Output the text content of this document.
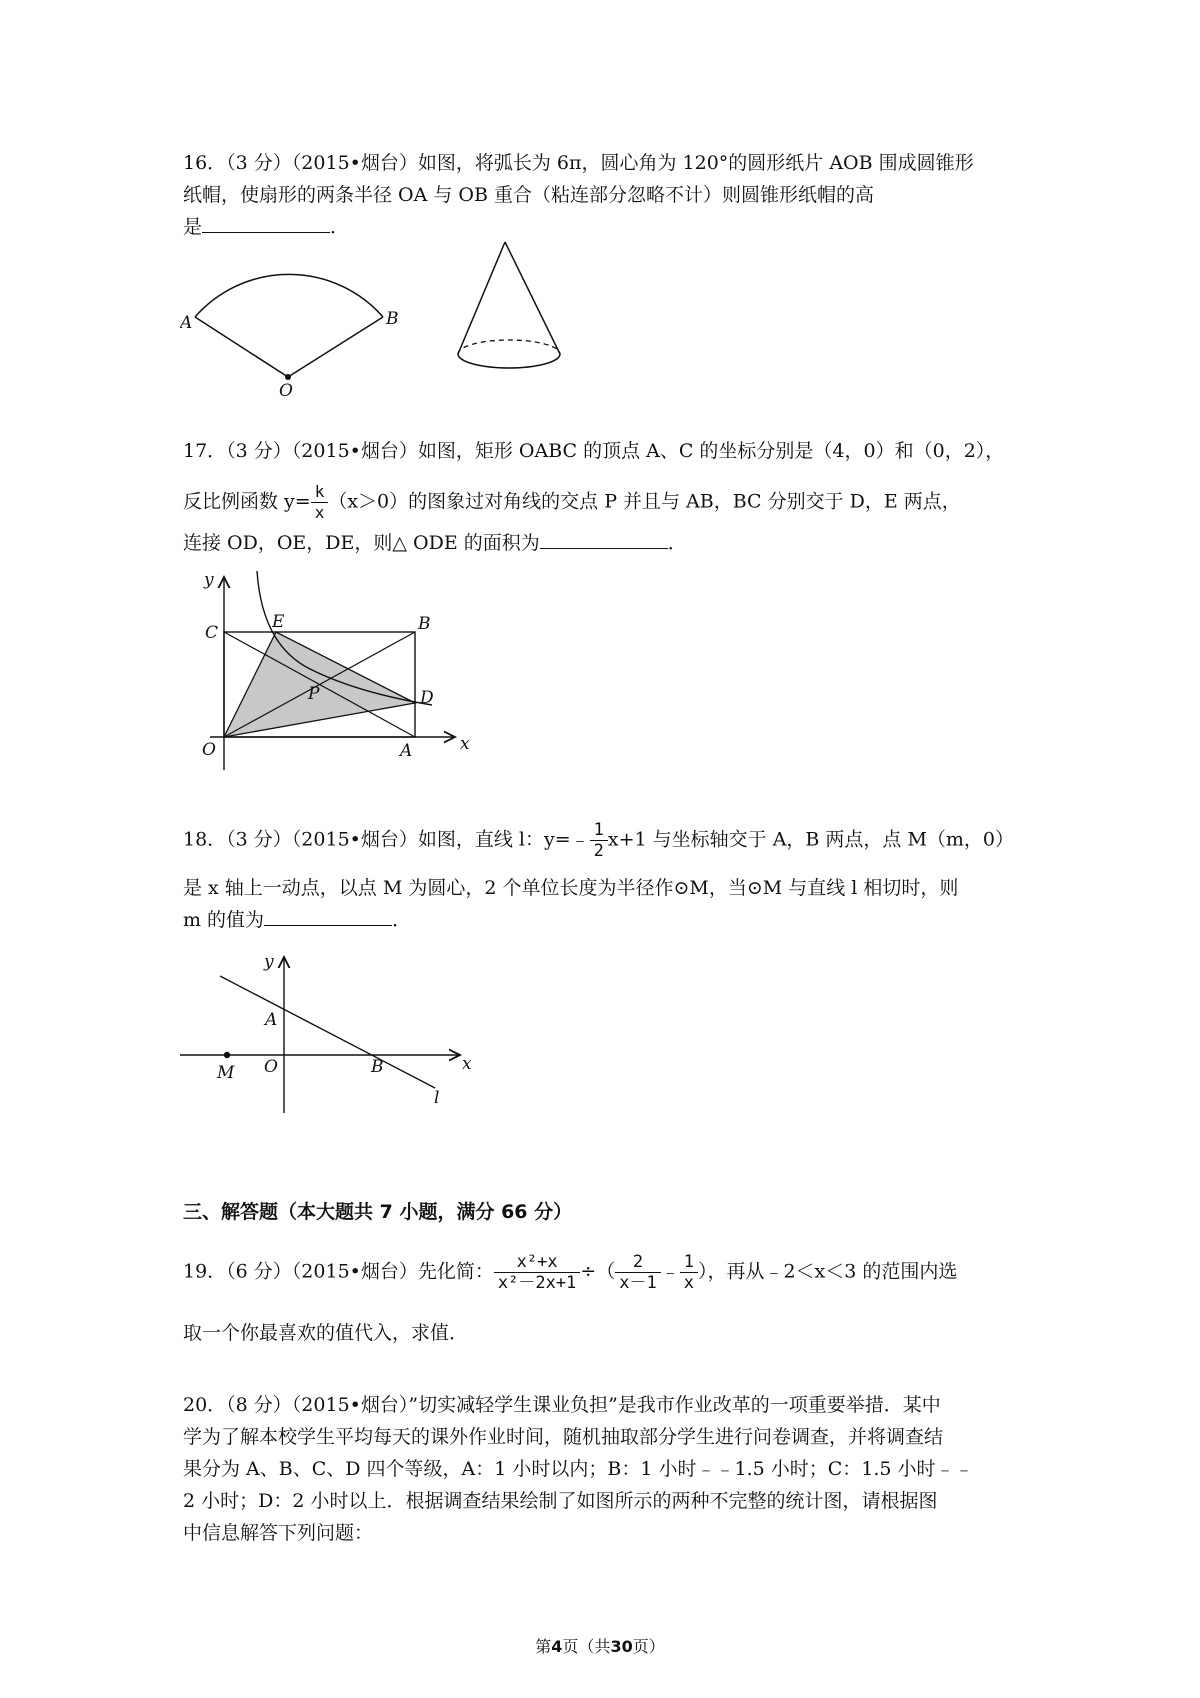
16．（3 分）（2015•烟台）如图，将弧长为 6π，圆心角为 120°的圆形纸片 AOB 围成圆锥形
纸帽，使扇形的两条半径 OA 与 OB 重合（粘连部分忽略不计）则圆锥形纸帽的高
是	．
A	B
O
17．（3 分）（2015•烟台）如图，矩形 OABC 的顶点 A、C 的坐标分别是（4，0）和（0，2），
反比例函数 $y= \frac{k}{x} (x>0)$的图象过对角线的交点 P 并且与 AB，BC 分别交于 D，E 两点，
连接 OD，OE，DE，则△ ODE 的面积为	．
y
x
C
E	B
D
P
O	A
18．（3 分）（2015•烟台）如图，直线 l：y=﹣ $\frac{1}{2} x+1$ 与坐标轴交于 A，B 两点，点 M（m，0）
是 x 轴上一动点，以点 M 为圆心，2 个单位长度为半径作⊙M，当⊙M 与直线 l 相切时，则
m 的值为	．
y
x
A
O	B
M
l
三、解答题（本大题共 7 小题，满分 66 分）
19．（6 分）（2015•烟台）先化简： $\frac{\text{x²+x}}{\text{x²－2x+1}}$ ÷（ $\frac{2}{x-1}$ ﹣ $\frac{1}{x}$ ），再从﹣2＜x＜3 的范围内选
取一个你最喜欢的值代入，求值．
20．（8 分）（2015•烟台）”切实减轻学生课业负担”是我市作业改革的一项重要举措．某中
学为了解本校学生平均每天的课外作业时间，随机抽取部分学生进行问卷调查，并将调查结
果分为 A、B、C、D 四个等级，A：1 小时以内；B：1 小时﹣﹣1.5 小时；C：1.5 小时﹣﹣
2 小时；D：2 小时以上．根据调查结果绘制了如图所示的两种不完整的统计图，请根据图
中信息解答下列问题：
第4页（共30页）
